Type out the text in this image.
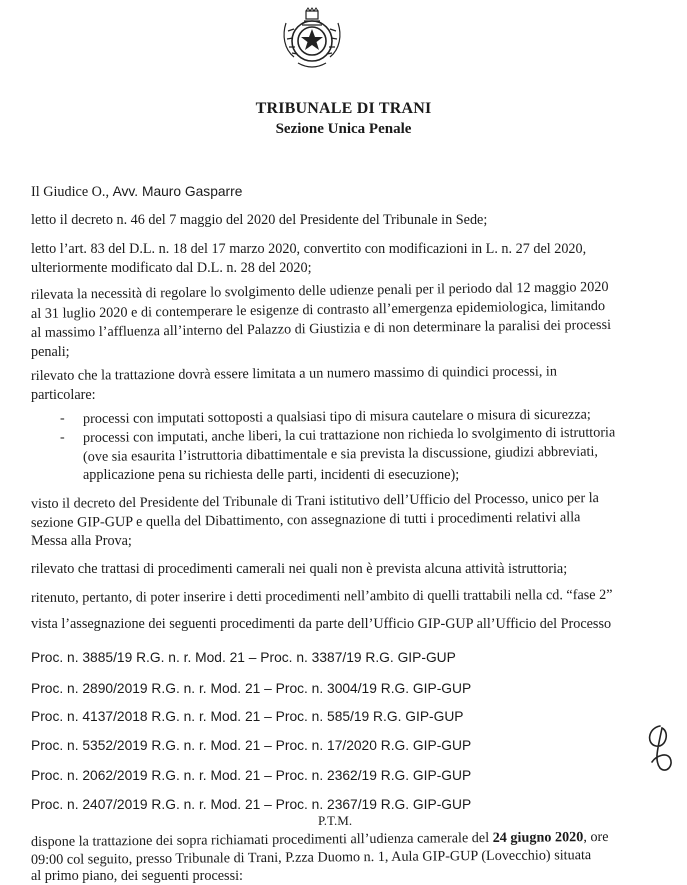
TRIBUNALE DI TRANI
Sezione Unica Penale
Il Giudice O., Avv. Mauro Gasparre
letto il decreto n. 46 del 7 maggio del 2020 del Presidente del Tribunale in Sede;
letto l’art. 83 del D.L. n. 18 del 17 marzo 2020, convertito con modificazioni in L. n. 27 del 2020,
ulteriormente modificato dal D.L. n. 28 del 2020;
rilevata la necessità di regolare lo svolgimento delle udienze penali per il periodo dal 12 maggio 2020
al 31 luglio 2020 e di contemperare le esigenze di contrasto all’emergenza epidemiologica, limitando
al massimo l’affluenza all’interno del Palazzo di Giustizia e di non determinare la paralisi dei processi
penali;
rilevato che la trattazione dovrà essere limitata a un numero massimo di quindici processi, in
particolare:
- processi con imputati sottoposti a qualsiasi tipo di misura cautelare o misura di sicurezza;
- processi con imputati, anche liberi, la cui trattazione non richieda lo svolgimento di istruttoria
(ove sia esaurita l’istruttoria dibattimentale e sia prevista la discussione, giudizi abbreviati,
applicazione pena su richiesta delle parti, incidenti di esecuzione);
visto il decreto del Presidente del Tribunale di Trani istitutivo dell’Ufficio del Processo, unico per la
sezione GIP-GUP e quella del Dibattimento, con assegnazione di tutti i procedimenti relativi alla
Messa alla Prova;
rilevato che trattasi di procedimenti camerali nei quali non è prevista alcuna attività istruttoria;
ritenuto, pertanto, di poter inserire i detti procedimenti nell’ambito di quelli trattabili nella cd. “fase 2”
vista l’assegnazione dei seguenti procedimenti da parte dell’Ufficio GIP-GUP all’Ufficio del Processo
Proc. n. 3885/19 R.G. n. r. Mod. 21 – Proc. n. 3387/19 R.G. GIP-GUP
Proc. n. 2890/2019 R.G. n. r. Mod. 21 – Proc. n. 3004/19 R.G. GIP-GUP
Proc. n. 4137/2018 R.G. n. r. Mod. 21 – Proc. n. 585/19 R.G. GIP-GUP
Proc. n. 5352/2019 R.G. n. r. Mod. 21 – Proc. n. 17/2020 R.G. GIP-GUP
Proc. n. 2062/2019 R.G. n. r. Mod. 21 – Proc. n. 2362/19 R.G. GIP-GUP
Proc. n. 2407/2019 R.G. n. r. Mod. 21 – Proc. n. 2367/19 R.G. GIP-GUP
P.T.M.
dispone la trattazione dei sopra richiamati procedimenti all’udienza camerale del 24 giugno 2020, ore
09:00 col seguito, presso Tribunale di Trani, P.zza Duomo n. 1, Aula GIP-GUP (Lovecchio) situata
al primo piano, dei seguenti processi:
